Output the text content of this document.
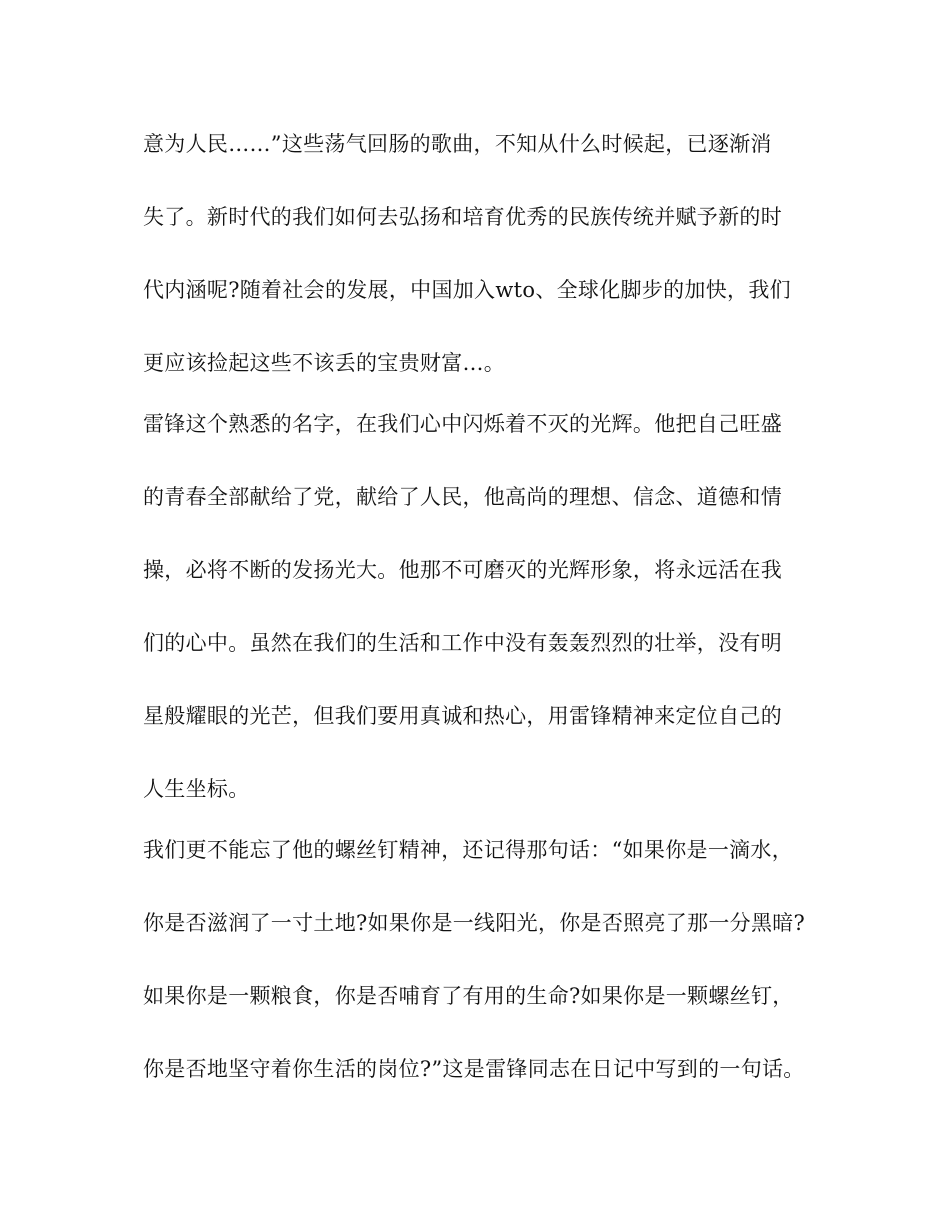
意为人民……”这些荡气回肠的歌曲，不知从什么时候起，已逐渐消
失了。新时代的我们如何去弘扬和培育优秀的民族传统并赋予新的时
代内涵呢?随着社会的发展，中国加入wto、全球化脚步的加快，我们
更应该捡起这些不该丢的宝贵财富…。
雷锋这个熟悉的名字，在我们心中闪烁着不灭的光辉。他把自己旺盛
的青春全部献给了党，献给了人民，他高尚的理想、信念、道德和情
操，必将不断的发扬光大。他那不可磨灭的光辉形象，将永远活在我
们的心中。虽然在我们的生活和工作中没有轰轰烈烈的壮举，没有明
星般耀眼的光芒，但我们要用真诚和热心，用雷锋精神来定位自己的
人生坐标。
我们更不能忘了他的螺丝钉精神，还记得那句话：“如果你是一滴水，
你是否滋润了一寸土地?如果你是一线阳光，你是否照亮了那一分黑暗?
如果你是一颗粮食，你是否哺育了有用的生命?如果你是一颗螺丝钉，
你是否地坚守着你生活的岗位?”这是雷锋同志在日记中写到的一句话。
